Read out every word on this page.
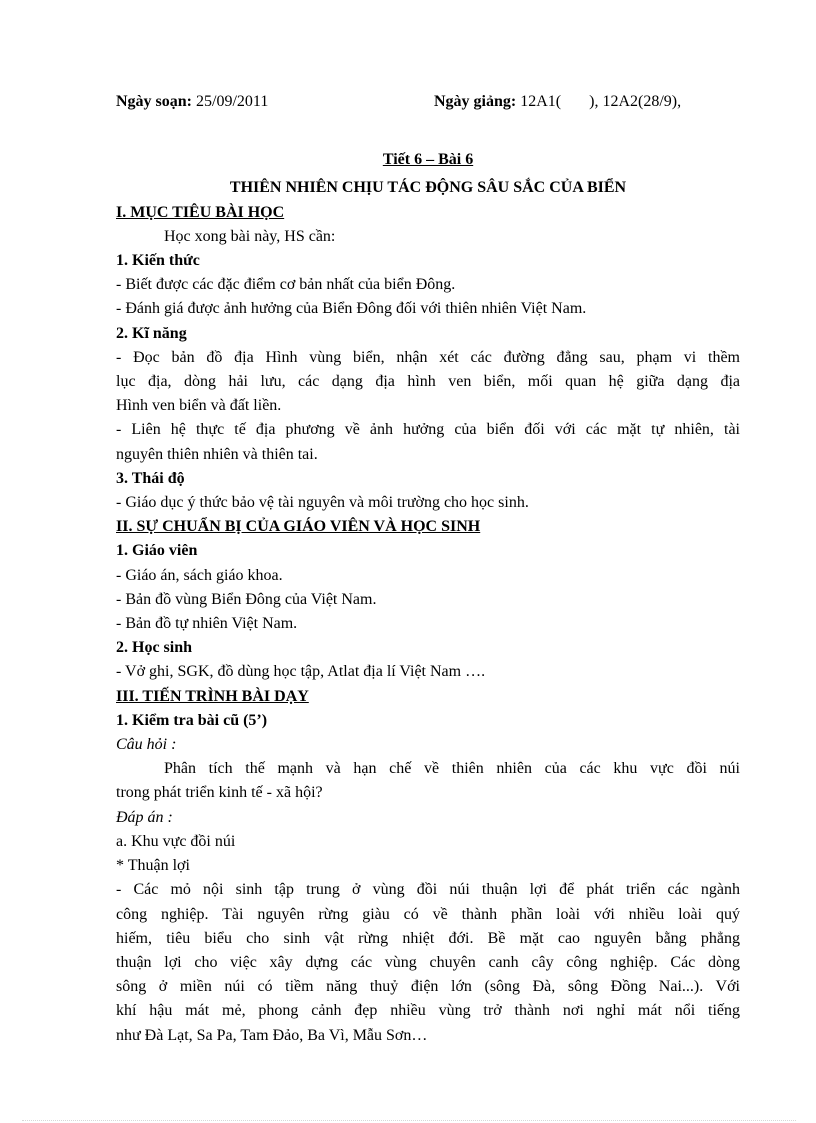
Ngày soạn: 25/09/2011	Ngày giảng: 12A1(       ), 12A2(28/9),
Tiết 6 – Bài 6
THIÊN NHIÊN CHỊU TÁC ĐỘNG SÂU SẮC CỦA BIỂN
I. MỤC TIÊU BÀI HỌC
Học xong bài này, HS cần:
1. Kiến thức
- Biết được các đặc điểm cơ bản nhất của biển Đông.
- Đánh giá được ảnh hưởng của Biển Đông đối với thiên nhiên Việt Nam.
2. Kĩ năng
- Đọc bản đồ địa Hình vùng biển, nhận xét các đường đẳng sau, phạm vi thềm
lục địa, dòng hải lưu, các dạng địa hình ven biển, mối quan hệ giữa dạng địa
Hình ven biển và đất liền.
- Liên hệ thực tế địa phương về ảnh hưởng của biển đối với các mặt tự nhiên, tài
nguyên thiên nhiên và thiên tai.
3. Thái độ
- Giáo dục ý thức bảo vệ tài nguyên và môi trường cho học sinh.
II. SỰ CHUẨN BỊ CỦA GIÁO VIÊN VÀ HỌC SINH
1. Giáo viên
- Giáo án, sách giáo khoa.
- Bản đồ vùng Biển Đông của Việt Nam.
- Bản đồ tự nhiên Việt Nam.
2. Học sinh
- Vở ghi, SGK, đồ dùng học tập, Atlat địa lí Việt Nam ….
III. TIẾN TRÌNH BÀI DẠY
1. Kiểm tra bài cũ (5’)
Câu hỏi :
Phân tích thế mạnh và hạn chế về thiên nhiên của các khu vực đồi núi
trong phát triển kinh tế - xã hội?
Đáp án :
a. Khu vực đồi núi
* Thuận lợi
- Các mỏ nội sinh tập trung ở vùng đồi núi thuận lợi để phát triển các ngành
công nghiệp. Tài nguyên rừng giàu có về thành phần loài với nhiều loài quý
hiếm, tiêu biểu cho sinh vật rừng nhiệt đới. Bề mặt cao nguyên bằng phẳng
thuận lợi cho việc xây dựng các vùng chuyên canh cây công nghiệp. Các dòng
sông ở miền núi có tiềm năng thuỷ điện lớn (sông Đà, sông Đồng Nai...). Với
khí hậu mát mẻ, phong cảnh đẹp nhiều vùng trở thành nơi nghỉ mát nổi tiếng
như Đà Lạt, Sa Pa, Tam Đảo, Ba Vì, Mẫu Sơn…
